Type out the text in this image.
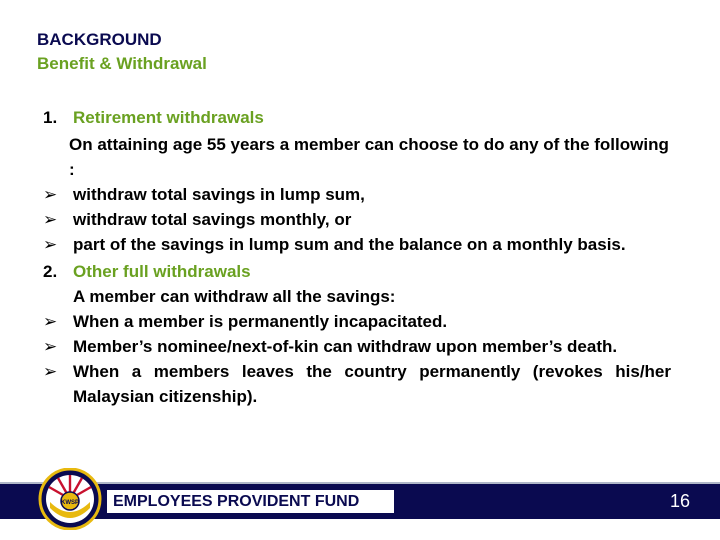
BACKGROUND
Benefit & Withdrawal
1. Retirement withdrawals
On attaining age 55 years a member can choose to do any of the following :
➢ withdraw total savings in lump sum,
➢ withdraw total savings monthly, or
➢ part of the savings in lump sum and the balance on a monthly basis.
2. Other full withdrawals
A member can withdraw all the savings:
➢ When a member is permanently incapacitated.
➢ Member’s nominee/next-of-kin can withdraw upon member’s death.
➢ When a members leaves the country permanently (revokes his/her Malaysian citizenship).
EMPLOYEES PROVIDENT FUND	16
KWSP
